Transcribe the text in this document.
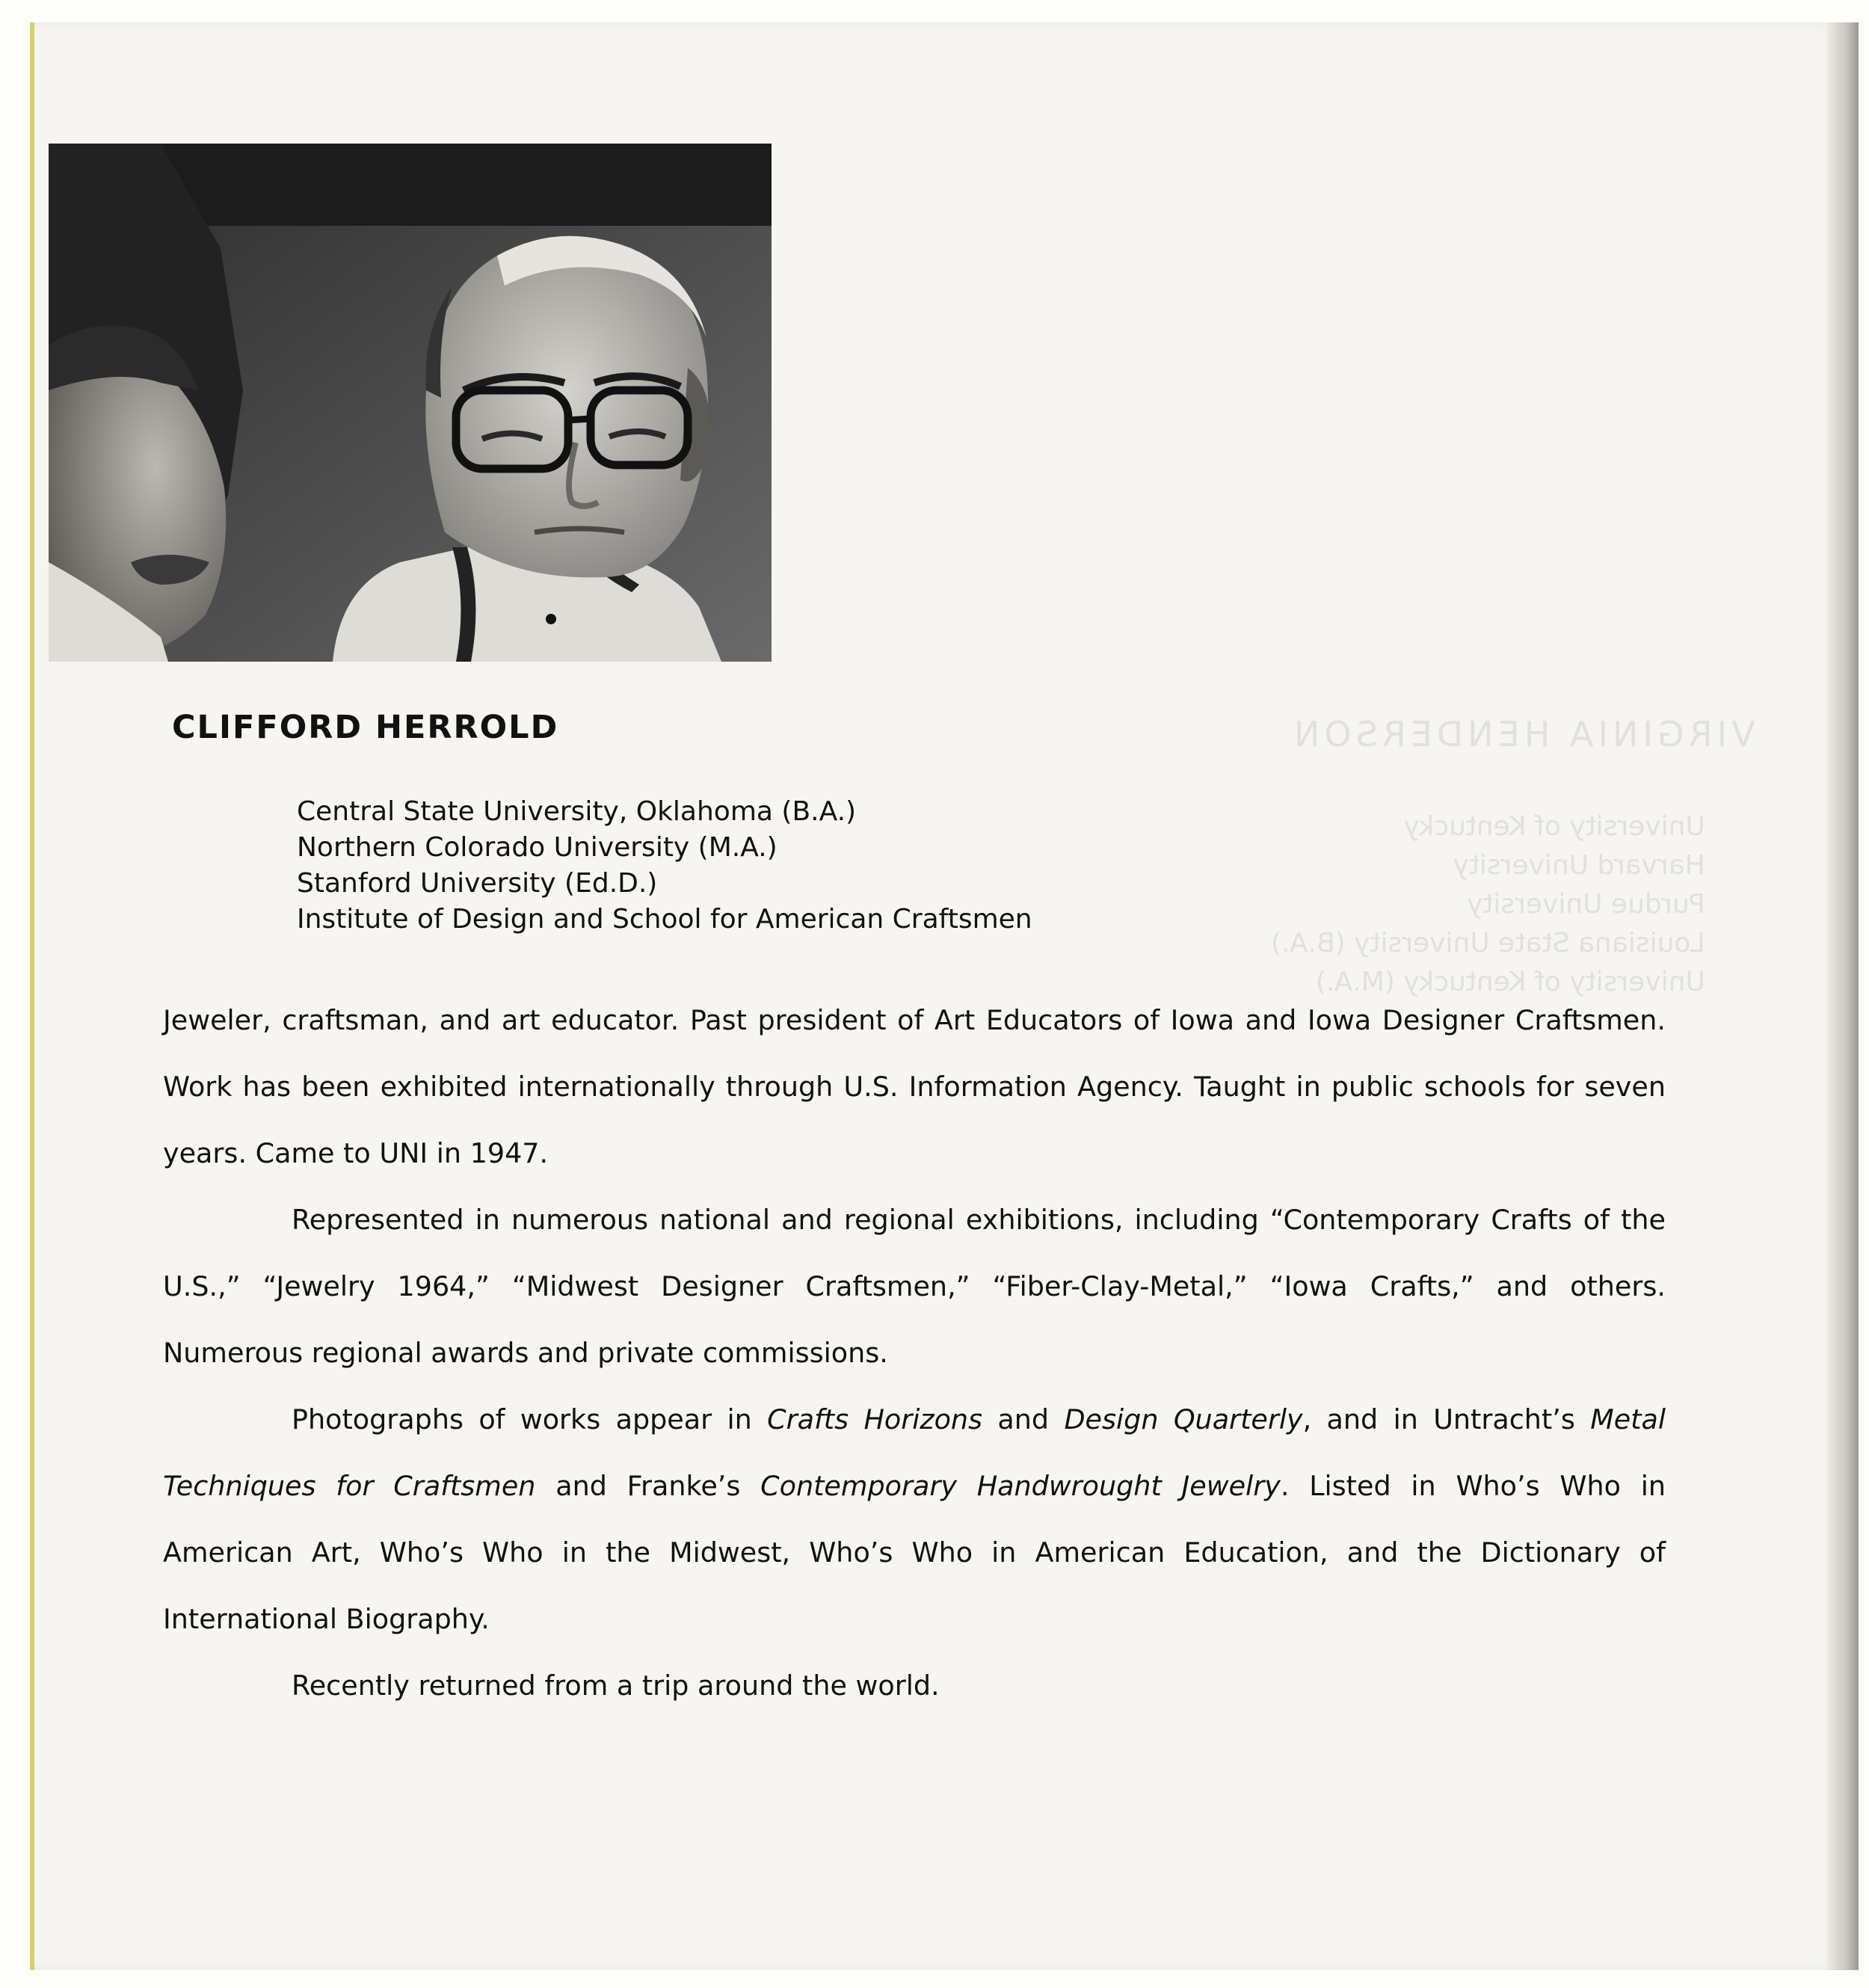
VIRGINIA HENDERSON
University of Kentucky
Harvard University
Purdue University
Louisiana State University (B.A.)
University of Kentucky (M.A.)
CLIFFORD HERROLD
Central State University, Oklahoma (B.A.)
Northern Colorado University (M.A.)
Stanford University (Ed.D.)
Institute of Design and School for American Craftsmen

Jeweler, craftsman, and art educator. Past president of Art Educators of Iowa and Iowa Designer Craftsmen. Work has been exhibited internationally through U.S. Information Agency. Taught in public schools for seven years. Came to UNI in 1947.

Represented in numerous national and regional exhibitions, including “Contemporary Crafts of the U.S.,” “Jewelry 1964,” “Midwest Designer Craftsmen,” “Fiber-Clay-Metal,” “Iowa Crafts,” and others. Numerous regional awards and private commissions.

Photographs of works appear in Crafts Horizons and Design Quarterly, and in Untracht’s Metal Techniques for Craftsmen and Franke’s Contemporary Handwrought Jewelry. Listed in Who’s Who in American Art, Who’s Who in the Midwest, Who’s Who in American Education, and the Dictionary of International Biography.

Recently returned from a trip around the world.
